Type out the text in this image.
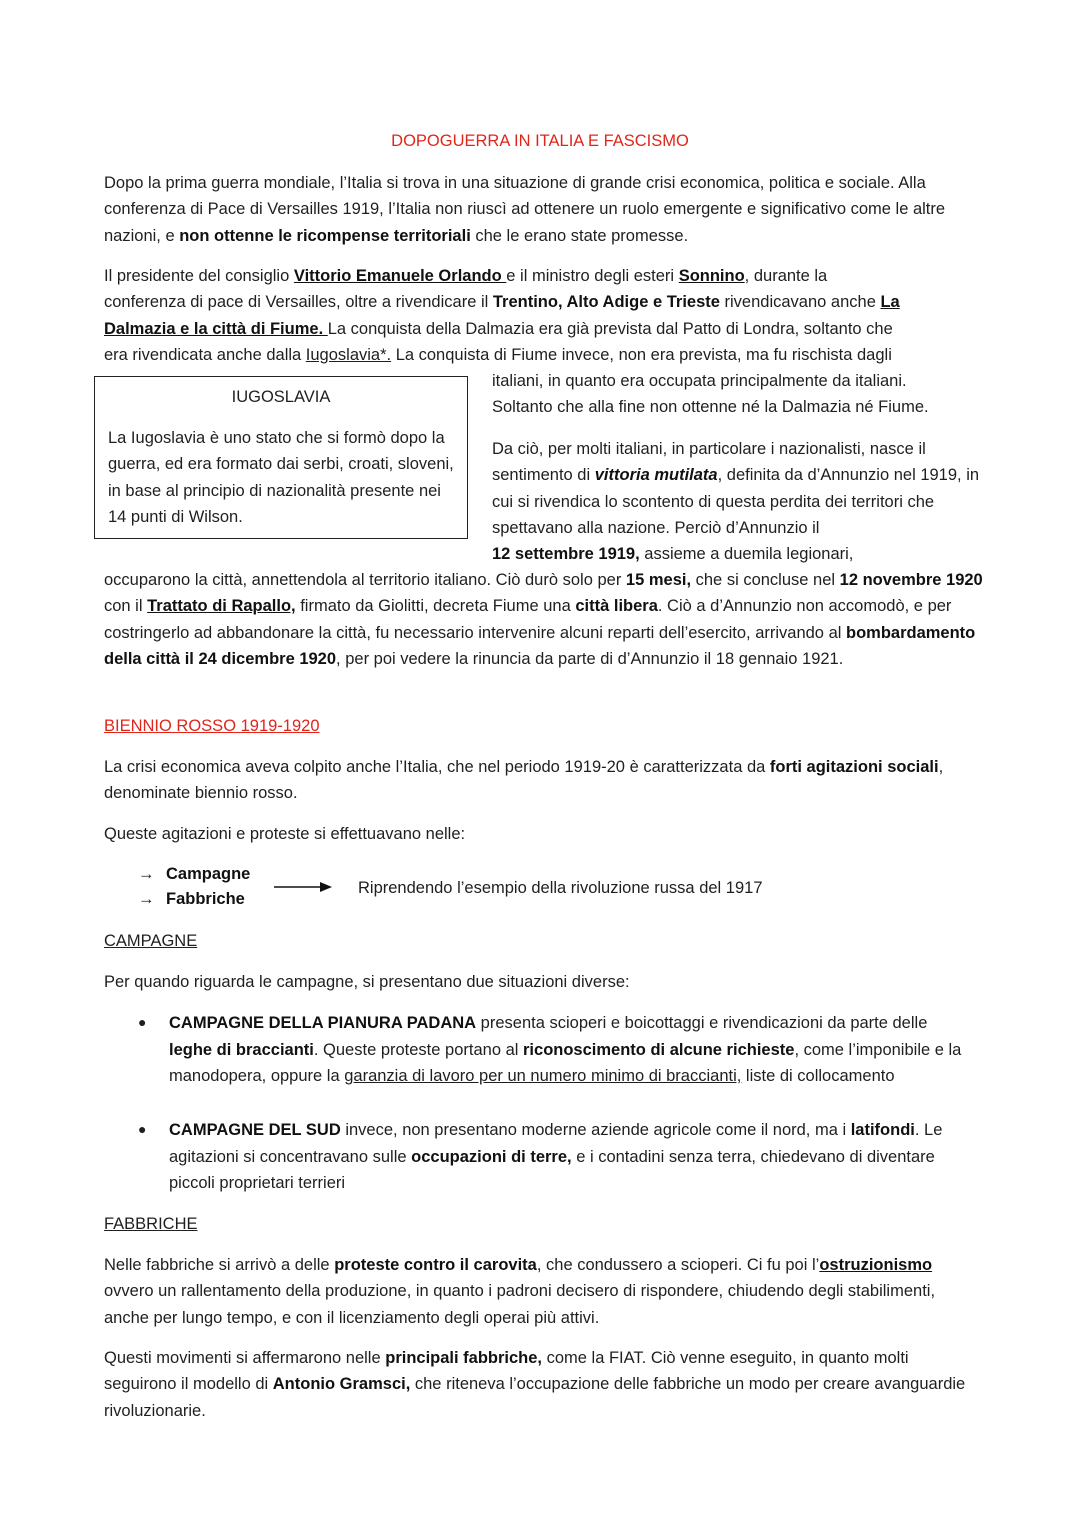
DOPOGUERRA IN ITALIA E FASCISMO

Dopo la prima guerra mondiale, l’Italia si trova in una situazione di grande crisi economica, politica e sociale. Alla conferenza di Pace di Versailles 1919, l’Italia non riuscì ad ottenere un ruolo emergente e significativo come le altre nazioni, e non ottenne le ricompense territoriali che le erano state promesse.

Il presidente del consiglio Vittorio Emanuele Orlando e il ministro degli esteri Sonnino, durante la
conferenza di pace di Versailles, oltre a rivendicare il Trentino, Alto Adige e Trieste rivendicavano anche La
Dalmazia e la città di Fiume. La conquista della Dalmazia era già prevista dal Patto di Londra, soltanto che
era rivendicata anche dalla Iugoslavia*. La conquista di Fiume invece, non era prevista, ma fu rischista dagli
italiani, in quanto era occupata principalmente da italiani.
Soltanto che alla fine non ottenne né la Dalmazia né Fiume.
IUGOSLAVIA
La Iugoslavia è uno stato che si formò dopo la guerra, ed era formato dai serbi, croati, sloveni, in base al principio di nazionalità presente nei 14 punti di Wilson.

Da ciò, per molti italiani, in particolare i nazionalisti, nasce il sentimento di vittoria mutilata, definita da d’Annunzio nel 1919, in cui si rivendica lo scontento di questa perdita dei territori che spettavano alla nazione. Perciò d’Annunzio il
12 settembre 1919, assieme a duemila legionari,

occuparono la città, annettendola al territorio italiano. Ciò durò solo per 15 mesi, che si concluse nel 12 novembre 1920 con il Trattato di Rapallo, firmato da Giolitti, decreta Fiume una città libera. Ciò a d’Annunzio non accomodò, e per costringerlo ad abbandonare la città, fu necessario intervenire alcuni reparti dell’esercito, arrivando al bombardamento della città il 24 dicembre 1920, per poi vedere la rinuncia da parte di d’Annunzio il 18 gennaio 1921.

BIENNIO ROSSO 1919-1920

La crisi economica aveva colpito anche l’Italia, che nel periodo 1919-20 è caratterizzata da forti agitazioni sociali, denominate biennio rosso.

Queste agitazioni e proteste si effettuavano nelle:

→ Campagne
→ Fabbriche
Riprendendo l’esempio della rivoluzione russa del 1917
CAMPAGNE

Per quando riguarda le campagne, si presentano due situazioni diverse:

● CAMPAGNE DELLA PIANURA PADANA presenta scioperi e boicottaggi e rivendicazioni da parte delle leghe di braccianti. Queste proteste portano al riconoscimento di alcune richieste, come l’imponibile e la manodopera, oppure la garanzia di lavoro per un numero minimo di braccianti, liste di collocamento

● CAMPAGNE DEL SUD invece, non presentano moderne aziende agricole come il nord, ma i latifondi. Le agitazioni si concentravano sulle occupazioni di terre, e i contadini senza terra, chiedevano di diventare piccoli proprietari terrieri

FABBRICHE

Nelle fabbriche si arrivò a delle proteste contro il carovita, che condussero a scioperi. Ci fu poi l’ostruzionismo ovvero un rallentamento della produzione, in quanto i padroni decisero di rispondere, chiudendo degli stabilimenti, anche per lungo tempo, e con il licenziamento degli operai più attivi.

Questi movimenti si affermarono nelle principali fabbriche, come la FIAT. Ciò venne eseguito, in quanto molti seguirono il modello di Antonio Gramsci, che riteneva l’occupazione delle fabbriche un modo per creare avanguardie rivoluzionarie.
